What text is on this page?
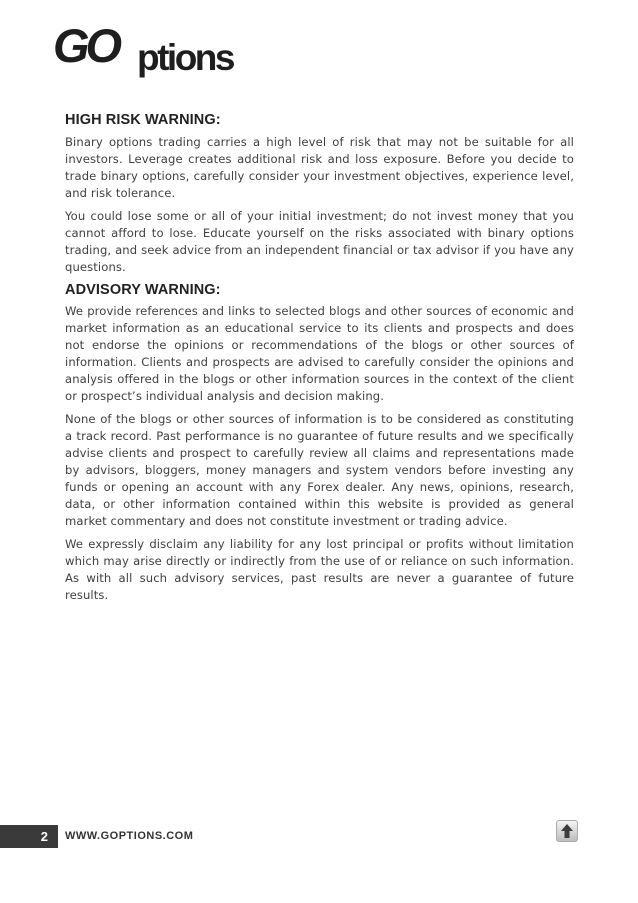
GO ptions
HIGH RISK WARNING:

Binary options trading carries a high level of risk that may not be suitable for all investors. Leverage creates additional risk and loss exposure. Before you decide to trade binary options, carefully consider your investment objectives, experience level, and risk tolerance.

You could lose some or all of your initial investment; do not invest money that you cannot afford to lose. Educate yourself on the risks associated with binary options trading, and seek advice from an independent financial or tax advisor if you have any questions.

ADVISORY WARNING:

We provide references and links to selected blogs and other sources of economic and market information as an educational service to its clients and prospects and does not endorse the opinions or recommendations of the blogs or other sources of information. Clients and prospects are advised to carefully consider the opinions and analysis offered in the blogs or other information sources in the context of the client or prospect’s individual analysis and decision making.

None of the blogs or other sources of information is to be considered as constituting a track record. Past performance is no guarantee of future results and we specifically advise clients and prospect to carefully review all claims and representations made by advisors, bloggers, money managers and system vendors before investing any funds or opening an account with any Forex dealer. Any news, opinions, research, data, or other information contained within this website is provided as general market commentary and does not constitute investment or trading advice.

We expressly disclaim any liability for any lost principal or profits without limitation which may arise directly or indirectly from the use of or reliance on such information. As with all such advisory services, past results are never a guarantee of future results.

2	WWW.GOPTIONS.COM
